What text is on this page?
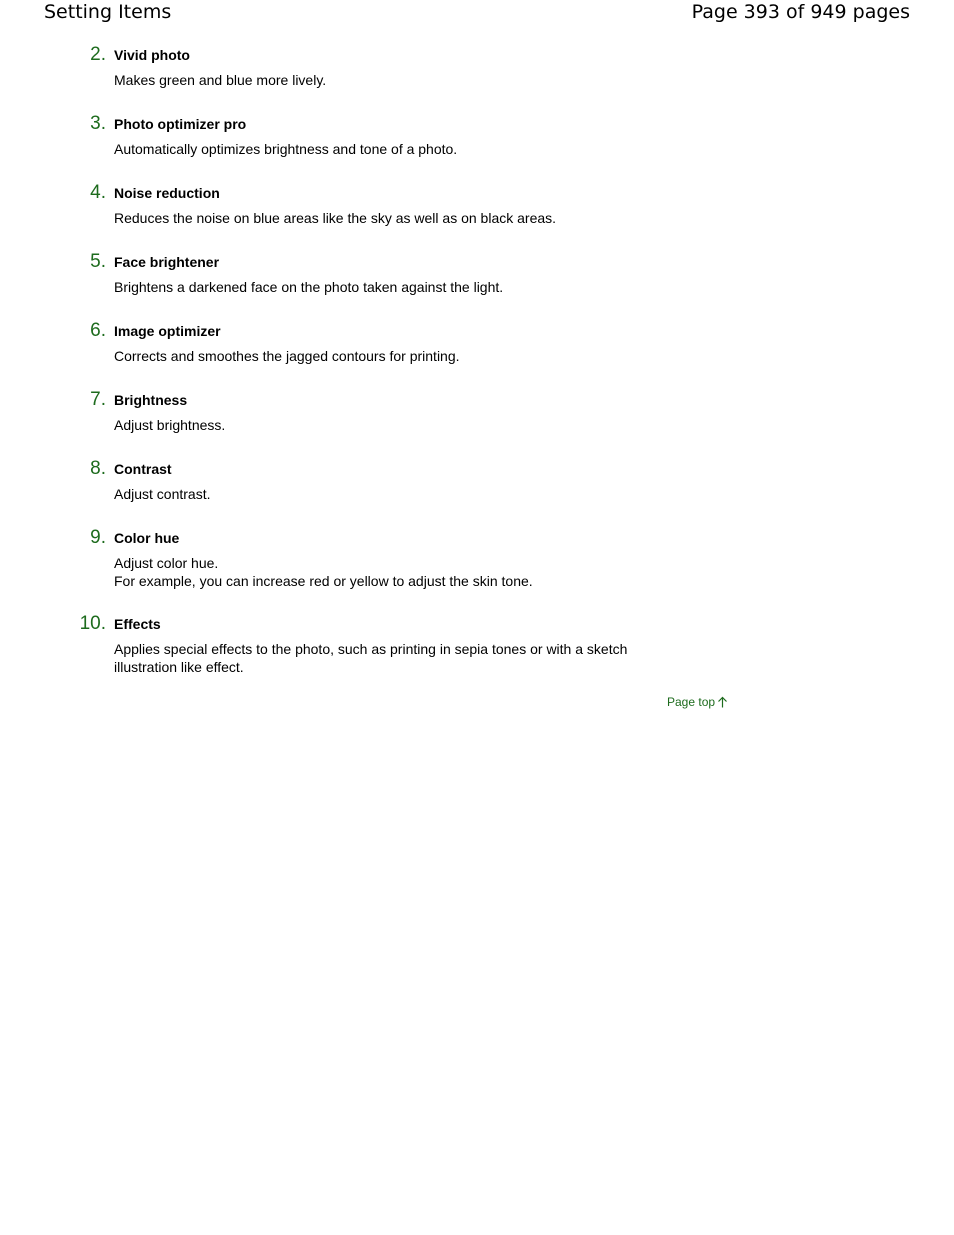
Setting Items	Page 393 of 949 pages
2. Vivid photo
Makes green and blue more lively.
3. Photo optimizer pro
Automatically optimizes brightness and tone of a photo.
4. Noise reduction
Reduces the noise on blue areas like the sky as well as on black areas.
5. Face brightener
Brightens a darkened face on the photo taken against the light.
6. Image optimizer
Corrects and smoothes the jagged contours for printing.
7. Brightness
Adjust brightness.
8. Contrast
Adjust contrast.
9. Color hue
Adjust color hue.
For example, you can increase red or yellow to adjust the skin tone.
10. Effects
Applies special effects to the photo, such as printing in sepia tones or with a sketch
illustration like effect.
Page top
